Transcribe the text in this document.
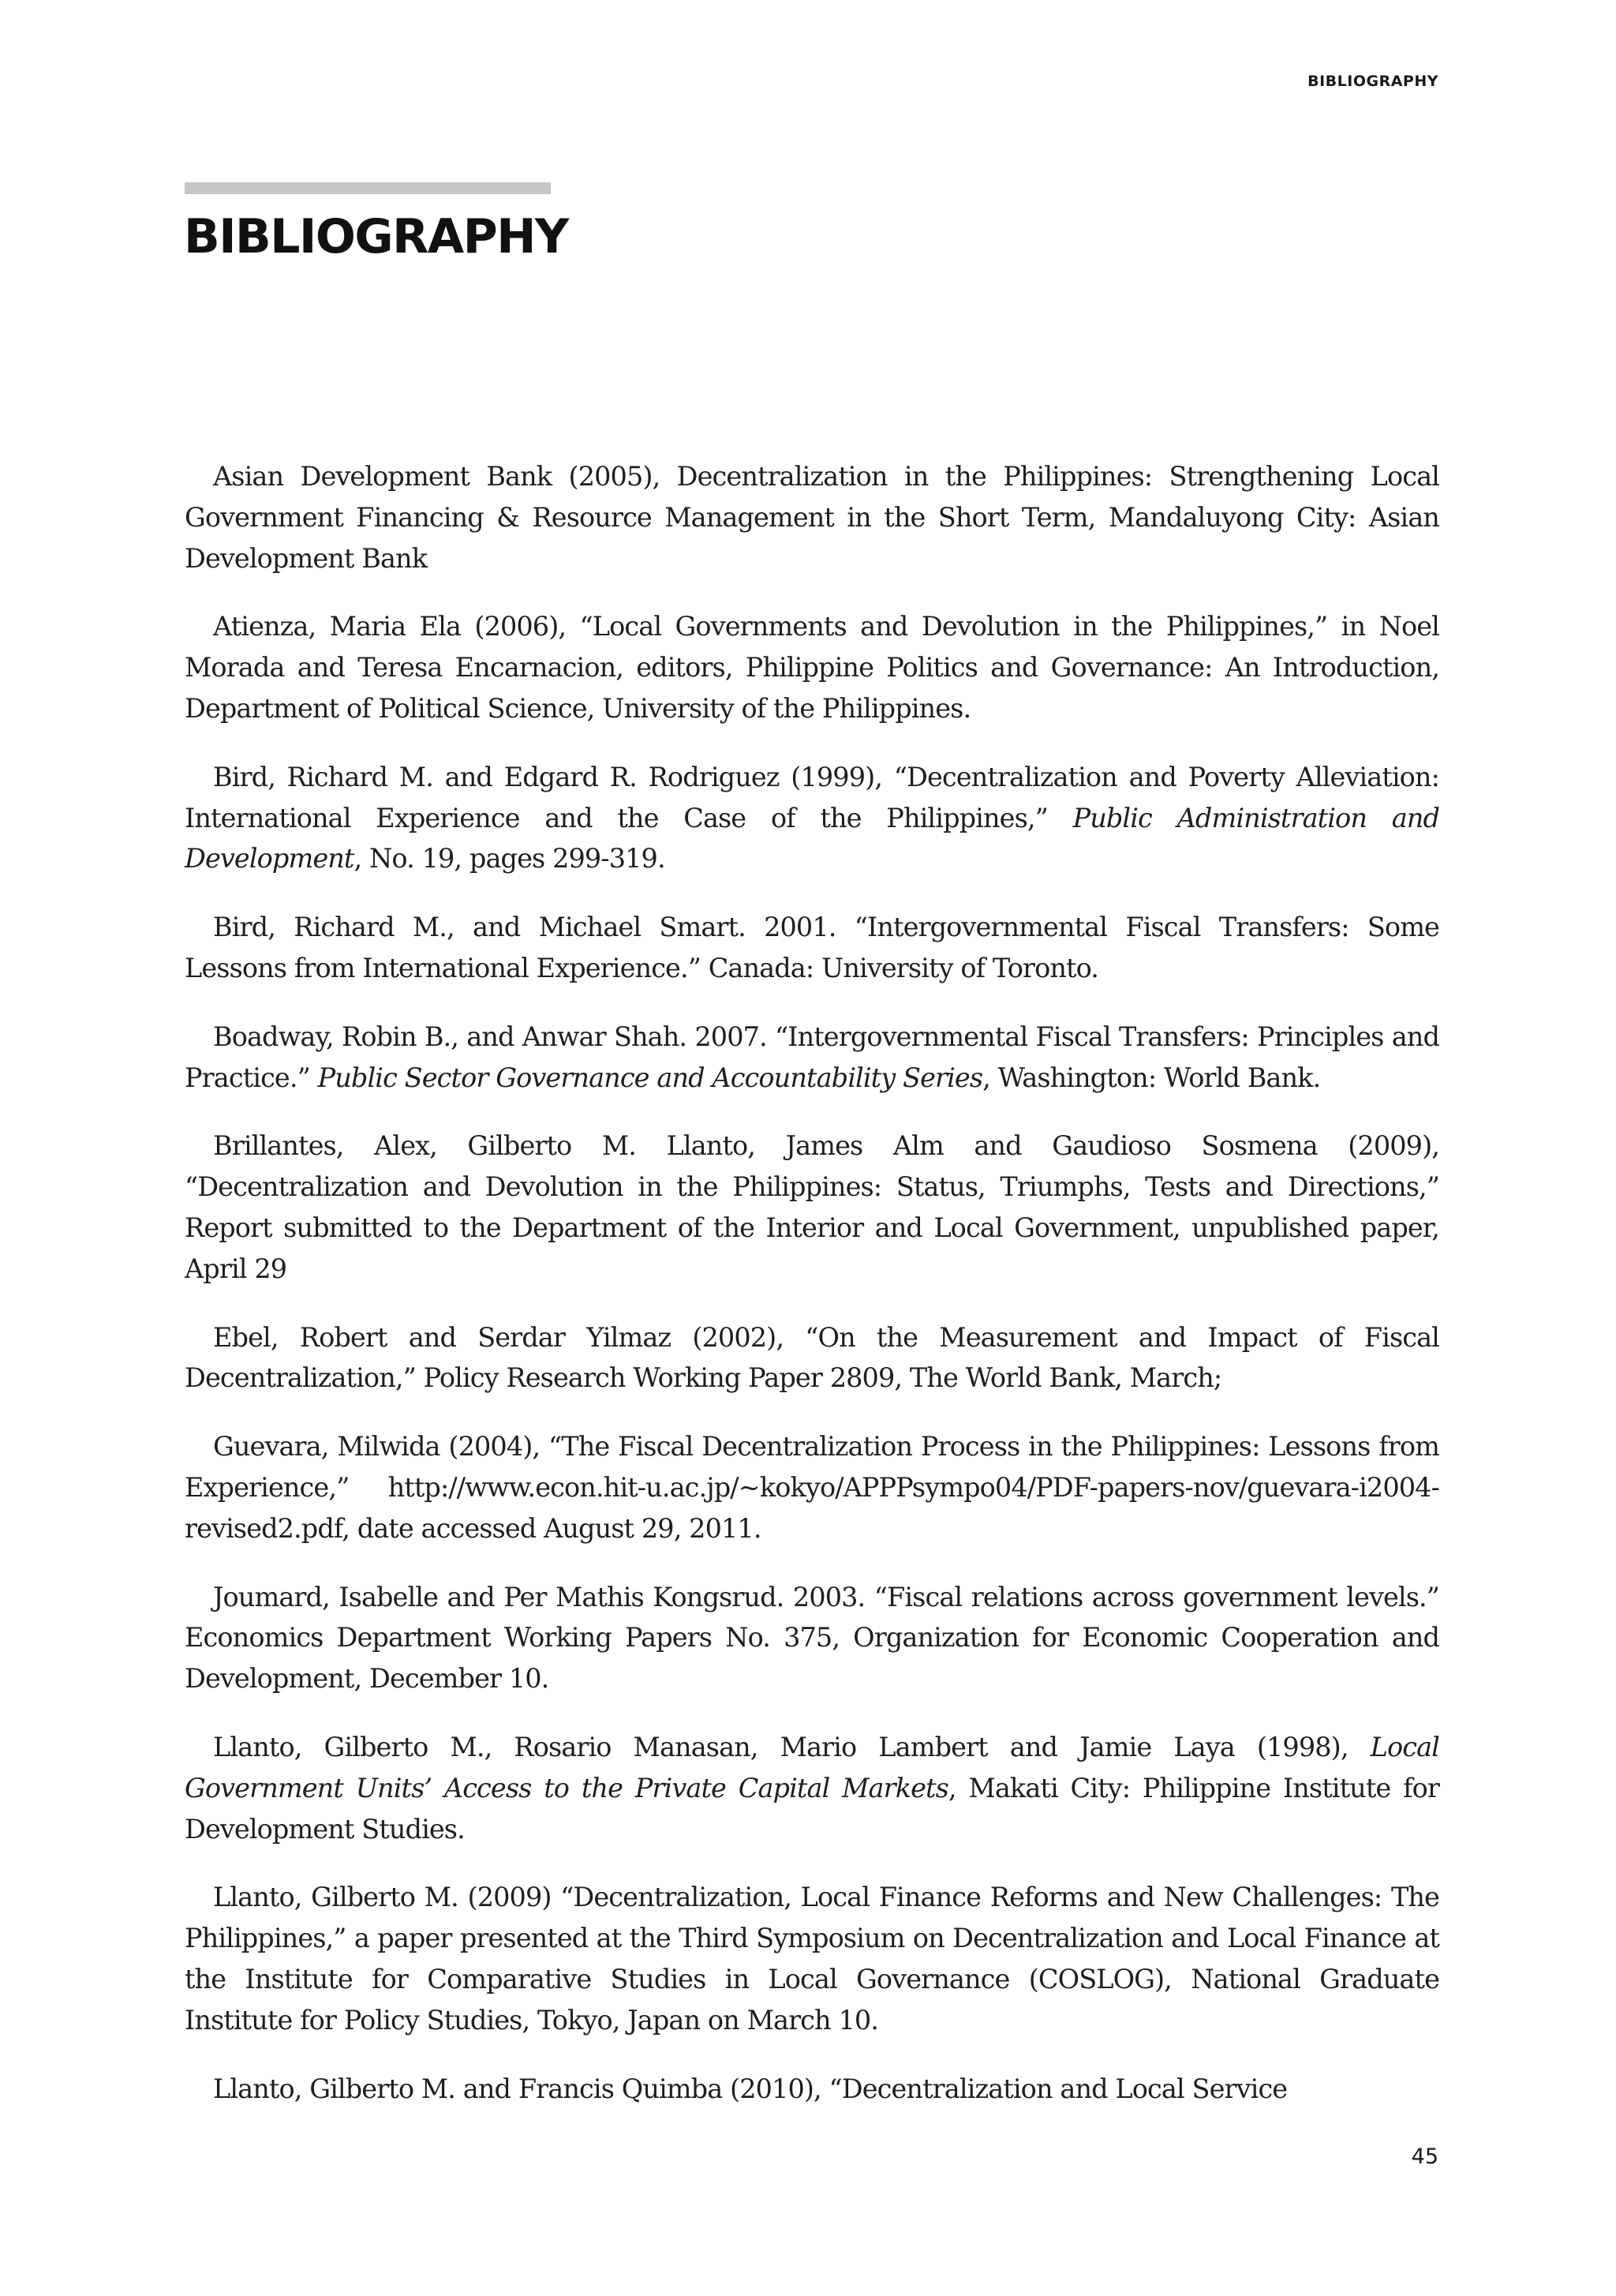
BIBLIOGRAPHY
BIBLIOGRAPHY

Asian Development Bank (2005), Decentralization in the Philippines: Strengthening Local Government Financing & Resource Management in the Short Term, Mandaluyong City: Asian Development Bank

Atienza, Maria Ela (2006), “Local Governments and Devolution in the Philippines,” in Noel Morada and Teresa Encarnacion, editors, Philippine Politics and Governance: An Introduction, Department of Political Science, University of the Philippines.

Bird, Richard M. and Edgard R. Rodriguez (1999), “Decentralization and Poverty Alleviation: International Experience and the Case of the Philippines,” Public Administration and Development, No. 19, pages 299-319.

Bird, Richard M., and Michael Smart. 2001. “Intergovernmental Fiscal Transfers: Some Lessons from International Experience.” Canada: University of Toronto.

Boadway, Robin B., and Anwar Shah. 2007. “Intergovernmental Fiscal Transfers: Principles and Practice.” Public Sector Governance and Accountability Series, Washington: World Bank.

Brillantes, Alex, Gilberto M. Llanto, James Alm and Gaudioso Sosmena (2009), “Decentralization and Devolution in the Philippines: Status, Triumphs, Tests and Directions,” Report submitted to the Department of the Interior and Local Government, unpublished paper, April 29

Ebel, Robert and Serdar Yilmaz (2002), “On the Measurement and Impact of Fiscal Decentralization,” Policy Research Working Paper 2809, The World Bank, March;

Guevara, Milwida (2004), “The Fiscal Decentralization Process in the Philippines: Lessons from Experience,” http://www.econ.hit-u.ac.jp/~kokyo/APPPsympo04/PDF-papers-nov/guevara-i2004-revised2.pdf, date accessed August 29, 2011.

Joumard, Isabelle and Per Mathis Kongsrud. 2003. “Fiscal relations across government levels.” Economics Department Working Papers No. 375, Organization for Economic Cooperation and Development, December 10.

Llanto, Gilberto M., Rosario Manasan, Mario Lambert and Jamie Laya (1998), Local Government Units’ Access to the Private Capital Markets, Makati City: Philippine Institute for Development Studies.

Llanto, Gilberto M. (2009) “Decentralization, Local Finance Reforms and New Challenges: The Philippines,” a paper presented at the Third Symposium on Decentralization and Local Finance at the Institute for Comparative Studies in Local Governance (COSLOG), National Graduate Institute for Policy Studies, Tokyo, Japan on March 10.

Llanto, Gilberto M. and Francis Quimba (2010), “Decentralization and Local Service

45
